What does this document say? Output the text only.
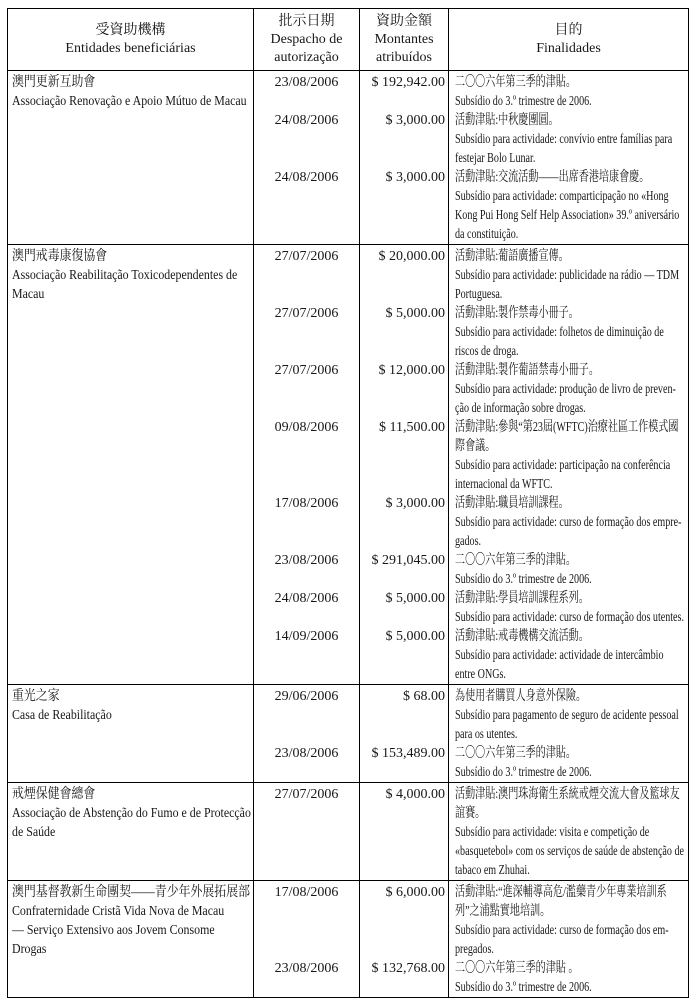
受資助機構
Entidades beneficiárias
批示日期
Despacho de
autorização
資助金額
Montantes
atribuídos
目的
Finalidades
澳門更新互助會
Associação Renovação e Apoio Mútuo de Macau
23/08/2006	$ 192,942.00 二〇〇六年第三季的津貼。
Subsídio do 3.º trimestre de 2006.
24/08/2006	$ 3,000.00 活動津貼:中秋慶團圓。
Subsídio para actividade: convívio entre famílias para festejar Bolo Lunar.
24/08/2006	$ 3,000.00 活動津貼:交流活動——出席香港培康會慶。
Subsídio para actividade: comparticipação no «Hong Kong Pui Hong Self Help Association» 39.º aniversário da constituição.
澳門戒毒康復協會
Associação Reabilitação Toxicodependentes de Macau
27/07/2006	$ 20,000.00 活動津貼:葡語廣播宣傳。
Subsídio para actividade: publicidade na rádio — TDM Portuguesa.
27/07/2006	$ 5,000.00 活動津貼:製作禁毒小冊子。
Subsídio para actividade: folhetos de diminuição de riscos de droga.
27/07/2006	$ 12,000.00 活動津貼:製作葡語禁毒小冊子。
Subsídio para actividade: produção de livro de preven-ção de informação sobre drogas.
09/08/2006	$ 11,500.00 活動津貼:參與“第23屆(WFTC)治療社區工作模式國際會議。
Subsídio para actividade: participação na conferência internacional da WFTC.
17/08/2006	$ 3,000.00 活動津貼:職員培訓課程。
Subsídio para actividade: curso de formação dos empre-gados.
23/08/2006	$ 291,045.00 二〇〇六年第三季的津貼。
Subsídio do 3.º trimestre de 2006.
24/08/2006	$ 5,000.00 活動津貼:學員培訓課程系列。
Subsídio para actividade: curso de formação dos utentes.
14/09/2006	$ 5,000.00 活動津貼:戒毒機構交流活動。
Subsídio para actividade: actividade de intercâmbio entre ONGs.
重光之家
Casa de Reabilitação
29/06/2006	$ 68.00 為使用者購買人身意外保險。
Subsídio para pagamento de seguro de acidente pessoal para os utentes.
23/08/2006	$ 153,489.00 二〇〇六年第三季的津貼。
Subsídio do 3.º trimestre de 2006.
戒煙保健會總會
Associação de Abstenção do Fumo e de Protecção de Saúde
27/07/2006	$ 4,000.00 活動津貼:澳門珠海衛生系統戒煙交流大會及籃球友誼賽。
Subsídio para actividade: visita e competição de «basquetebol» com os serviços de saúde de abstenção de tabaco em Zhuhai.
澳門基督教新生命團契——青少年外展拓展部
Confraternidade Cristã Vida Nova de Macau
— Serviço Extensivo aos Jovem Consome Drogas
17/08/2006	$ 6,000.00 活動津貼:“進深輔導高危/濫藥青少年專業培訓系列”之浦點實地培訓。
Subsídio para actividade: curso de formação dos em-pregados.
23/08/2006	$ 132,768.00 二〇〇六年第三季的津貼 。
Subsídio do 3.º trimestre de 2006.
